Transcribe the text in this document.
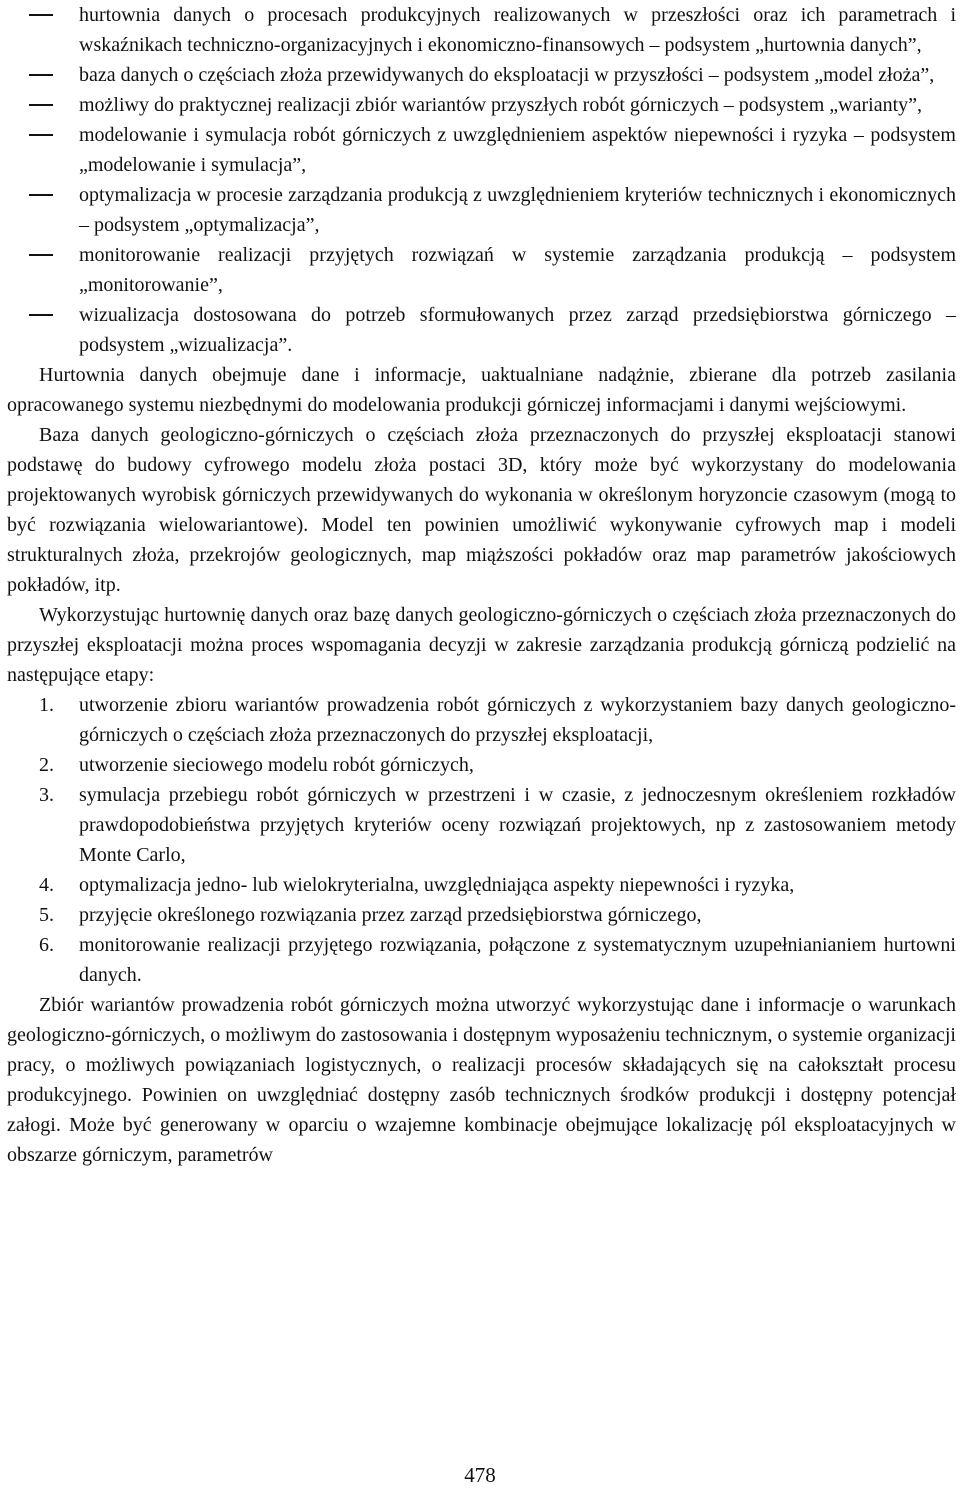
hurtownia danych o procesach produkcyjnych realizowanych w przeszłości oraz ich parametrach i wskaźnikach techniczno-organizacyjnych i ekonomiczno-finansowych – podsystem „hurtownia danych”,
baza danych o częściach złoża przewidywanych do eksploatacji w przyszłości – podsystem „model złoża”,
możliwy do praktycznej realizacji zbiór wariantów przyszłych robót górniczych – podsystem „warianty”,
modelowanie i symulacja robót górniczych z uwzględnieniem aspektów niepewności i ryzyka – podsystem „modelowanie i symulacja”,
optymalizacja w procesie zarządzania produkcją z uwzględnieniem kryteriów technicznych i ekonomicznych – podsystem „optymalizacja”,
monitorowanie realizacji przyjętych rozwiązań w systemie zarządzania produkcją – podsystem „monitorowanie”,
wizualizacja dostosowana do potrzeb sformułowanych przez zarząd przedsiębiorstwa górniczego – podsystem „wizualizacja”.

Hurtownia danych obejmuje dane i informacje, uaktualniane nadążnie, zbierane dla potrzeb zasilania opracowanego systemu niezbędnymi do modelowania produkcji górniczej informacjami i danymi wejściowymi.

Baza danych geologiczno-górniczych o częściach złoża przeznaczonych do przyszłej eksploatacji stanowi podstawę do budowy cyfrowego modelu złoża postaci 3D, który może być wykorzystany do modelowania projektowanych wyrobisk górniczych przewidywanych do wykonania w określonym horyzoncie czasowym (mogą to być rozwiązania wielowariantowe). Model ten powinien umożliwić wykonywanie cyfrowych map i modeli strukturalnych złoża, przekrojów geologicznych, map miąższości pokładów oraz map parametrów jakościowych pokładów, itp.

Wykorzystując hurtownię danych oraz bazę danych geologiczno-górniczych o częściach złoża przeznaczonych do przyszłej eksploatacji można proces wspomagania decyzji w zakresie zarządzania produkcją górniczą podzielić na następujące etapy:

1. utworzenie zbioru wariantów prowadzenia robót górniczych z wykorzystaniem bazy danych geologiczno-górniczych o częściach złoża przeznaczonych do przyszłej eksploatacji,
2. utworzenie sieciowego modelu robót górniczych,
3. symulacja przebiegu robót górniczych w przestrzeni i w czasie, z jednoczesnym określeniem rozkładów prawdopodobieństwa przyjętych kryteriów oceny rozwiązań projektowych, np z zastosowaniem metody Monte Carlo,
4. optymalizacja jedno- lub wielokryterialna, uwzględniająca aspekty niepewności i ryzyka,
5. przyjęcie określonego rozwiązania przez zarząd przedsiębiorstwa górniczego,
6. monitorowanie realizacji przyjętego rozwiązania, połączone z systematycznym uzupełnianianiem hurtowni danych.

Zbiór wariantów prowadzenia robót górniczych można utworzyć wykorzystując dane i informacje o warunkach geologiczno-górniczych, o możliwym do zastosowania i dostępnym wyposażeniu technicznym, o systemie organizacji pracy, o możliwych powiązaniach logistycznych, o realizacji procesów składających się na całokształt procesu produkcyjnego. Powinien on uwzględniać dostępny zasób technicznych środków produkcji i dostępny potencjał załogi. Może być generowany w oparciu o wzajemne kombinacje obejmujące lokalizację pól eksploatacyjnych w obszarze górniczym, parametrów

478
